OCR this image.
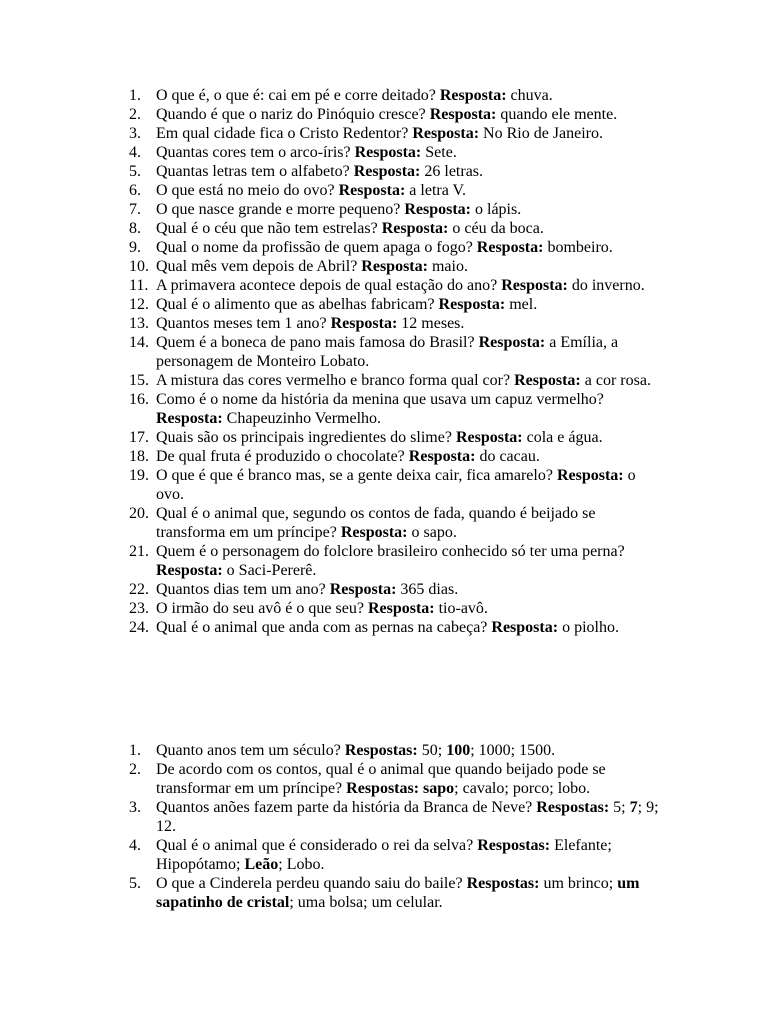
1. O que é, o que é: cai em pé e corre deitado? Resposta: chuva.
2. Quando é que o nariz do Pinóquio cresce? Resposta: quando ele mente.
3. Em qual cidade fica o Cristo Redentor? Resposta: No Rio de Janeiro.
4. Quantas cores tem o arco-íris? Resposta: Sete.
5. Quantas letras tem o alfabeto? Resposta: 26 letras.
6. O que está no meio do ovo? Resposta: a letra V.
7. O que nasce grande e morre pequeno? Resposta: o lápis.
8. Qual é o céu que não tem estrelas? Resposta: o céu da boca.
9. Qual o nome da profissão de quem apaga o fogo? Resposta: bombeiro.
10. Qual mês vem depois de Abril? Resposta: maio.
11. A primavera acontece depois de qual estação do ano? Resposta: do inverno.
12. Qual é o alimento que as abelhas fabricam? Resposta: mel.
13. Quantos meses tem 1 ano? Resposta: 12 meses.
14. Quem é a boneca de pano mais famosa do Brasil? Resposta: a Emília, a personagem de Monteiro Lobato.
15. A mistura das cores vermelho e branco forma qual cor? Resposta: a cor rosa.
16. Como é o nome da história da menina que usava um capuz vermelho? Resposta: Chapeuzinho Vermelho.
17. Quais são os principais ingredientes do slime? Resposta: cola e água.
18. De qual fruta é produzido o chocolate? Resposta: do cacau.
19. O que é que é branco mas, se a gente deixa cair, fica amarelo? Resposta: o ovo.
20. Qual é o animal que, segundo os contos de fada, quando é beijado se transforma em um príncipe? Resposta: o sapo.
21. Quem é o personagem do folclore brasileiro conhecido só ter uma perna? Resposta: o Saci-Pererê.
22. Quantos dias tem um ano? Resposta: 365 dias.
23. O irmão do seu avô é o que seu? Resposta: tio-avô.
24. Qual é o animal que anda com as pernas na cabeça? Resposta: o piolho.
1. Quanto anos tem um século? Respostas: 50; 100; 1000; 1500.
2. De acordo com os contos, qual é o animal que quando beijado pode se transformar em um príncipe? Respostas: sapo; cavalo; porco; lobo.
3. Quantos anões fazem parte da história da Branca de Neve? Respostas: 5; 7; 9; 12.
4. Qual é o animal que é considerado o rei da selva? Respostas: Elefante; Hipopótamo; Leão; Lobo.
5. O que a Cinderela perdeu quando saiu do baile? Respostas: um brinco; um sapatinho de cristal; uma bolsa; um celular.
